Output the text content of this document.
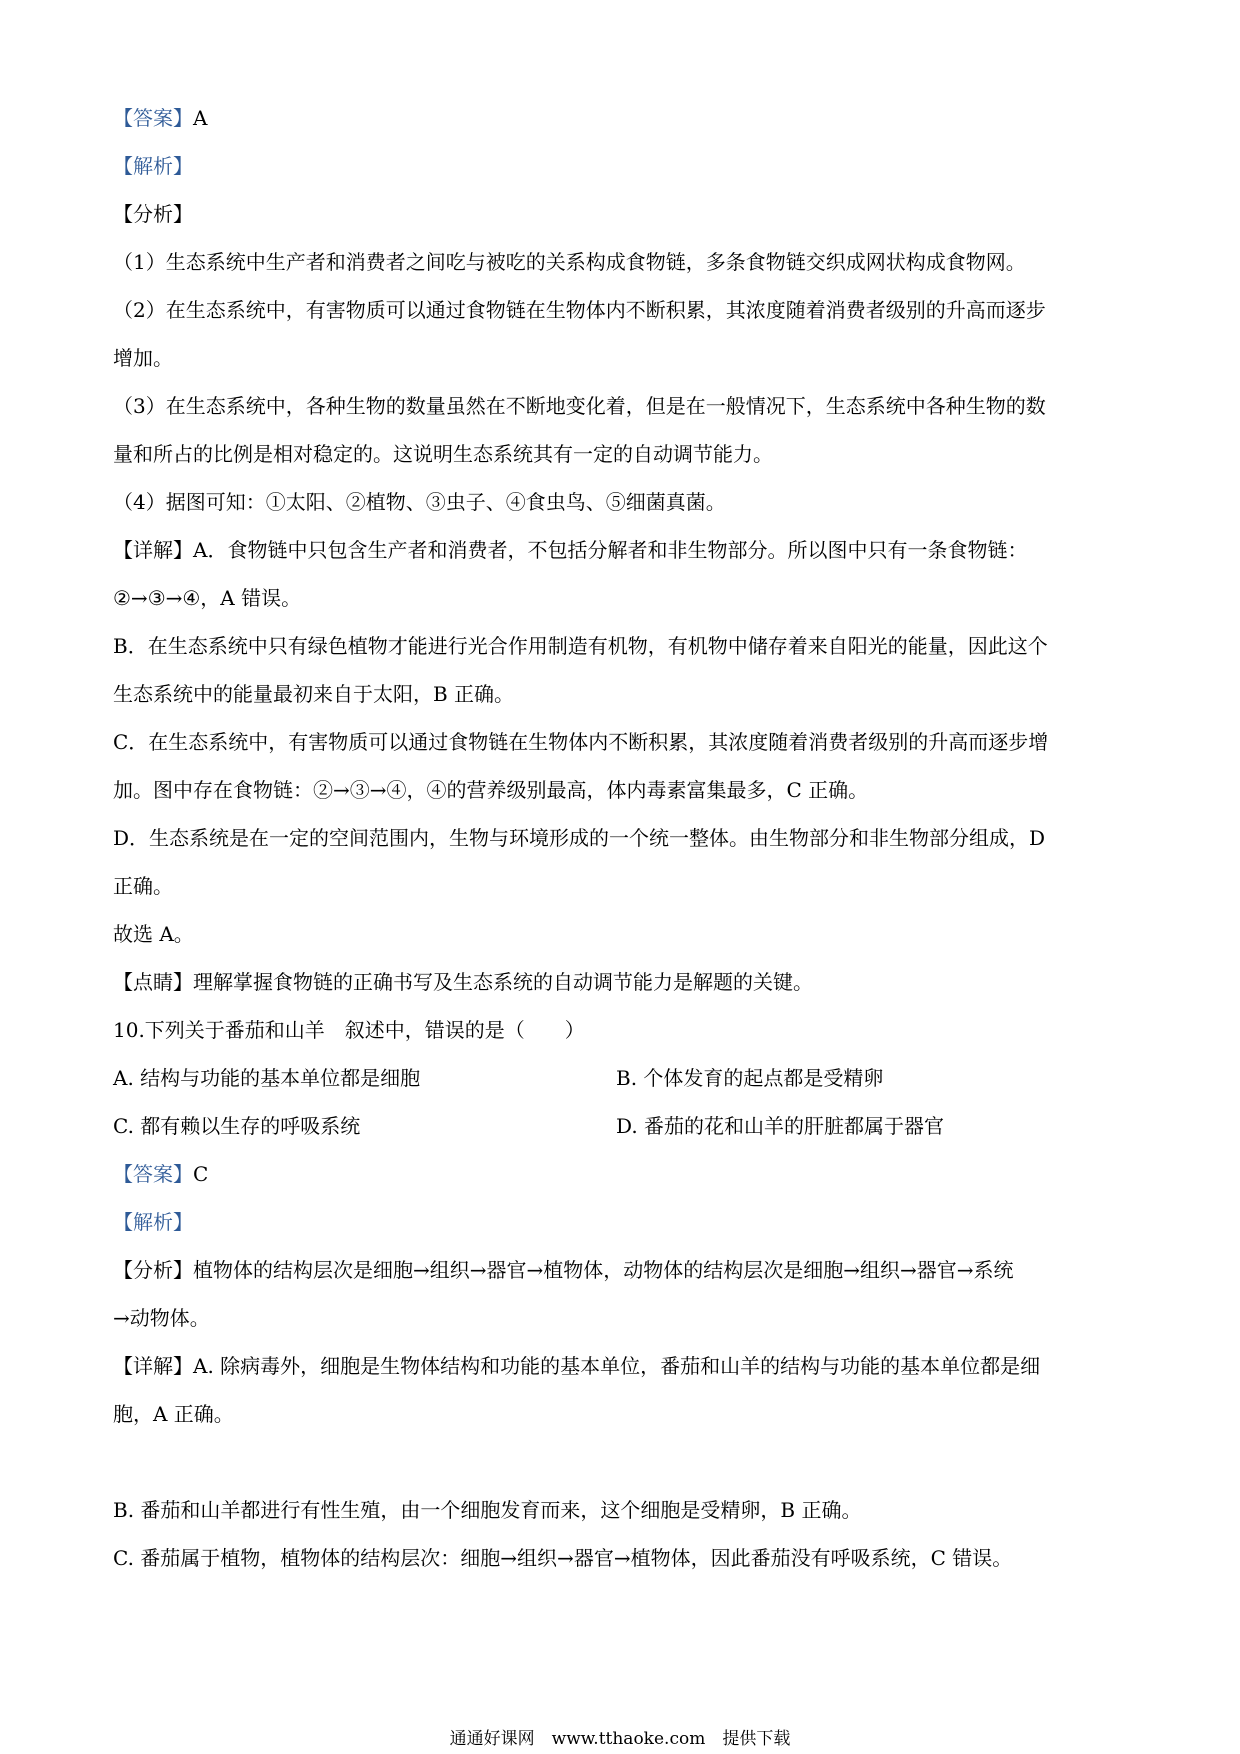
【答案】A
【解析】
【分析】
（1）生态系统中生产者和消费者之间吃与被吃的关系构成食物链，多条食物链交织成网状构成食物网。
（2）在生态系统中，有害物质可以通过食物链在生物体内不断积累，其浓度随着消费者级别的升高而逐步
增加。
（3）在生态系统中，各种生物的数量虽然在不断地变化着，但是在一般情况下，生态系统中各种生物的数
量和所占的比例是相对稳定的。这说明生态系统其有一定的自动调节能力。
（4）据图可知：①太阳、②植物、③虫子、④食虫鸟、⑤细菌真菌。
【详解】A．食物链中只包含生产者和消费者，不包括分解者和非生物部分。所以图中只有一条食物链：
②→③→④，A 错误。
B．在生态系统中只有绿色植物才能进行光合作用制造有机物，有机物中储存着来自阳光的能量，因此这个
生态系统中的能量最初来自于太阳，B 正确。
C．在生态系统中，有害物质可以通过食物链在生物体内不断积累，其浓度随着消费者级别的升高而逐步增
加。图中存在食物链：②→③→④，④的营养级别最高，体内毒素富集最多，C 正确。
D．生态系统是在一定的空间范围内，生物与环境形成的一个统一整体。由生物部分和非生物部分组成，D
正确。
故选 A。
【点睛】理解掌握食物链的正确书写及生态系统的自动调节能力是解题的关键。
10.下列关于番茄和山羊　叙述中，错误的是（　　）
A. 结构与功能的基本单位都是细胞	B. 个体发育的起点都是受精卵
C. 都有赖以生存的呼吸系统	D. 番茄的花和山羊的肝脏都属于器官
【答案】C
【解析】
【分析】植物体的结构层次是细胞→组织→器官→植物体，动物体的结构层次是细胞→组织→器官→系统
→动物体。
【详解】A. 除病毒外，细胞是生物体结构和功能的基本单位，番茄和山羊的结构与功能的基本单位都是细
胞，A 正确。
B. 番茄和山羊都进行有性生殖，由一个细胞发育而来，这个细胞是受精卵，B 正确。
C. 番茄属于植物，植物体的结构层次：细胞→组织→器官→植物体，因此番茄没有呼吸系统，C 错误。
通通好课网　www.tthaoke.com　提供下载
